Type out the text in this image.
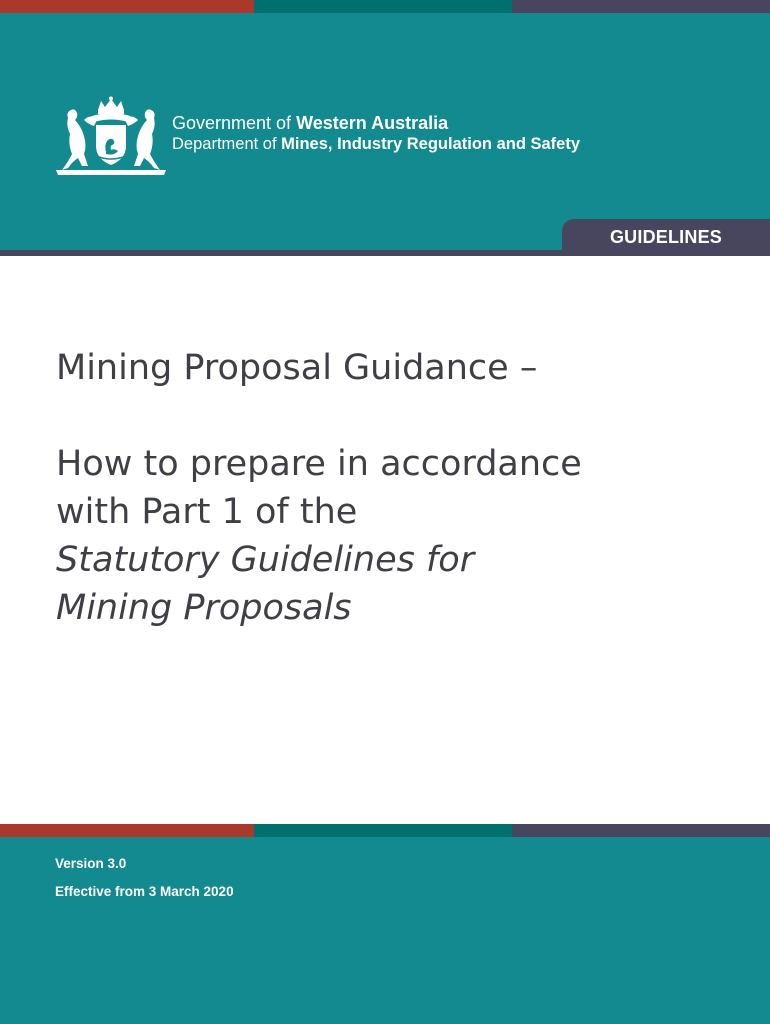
Government of Western Australia
Department of Mines, Industry Regulation and Safety
GUIDELINES
Mining Proposal Guidance –
How to prepare in accordance
with Part 1 of the
Statutory Guidelines for
Mining Proposals
Version 3.0
Effective from 3 March 2020
